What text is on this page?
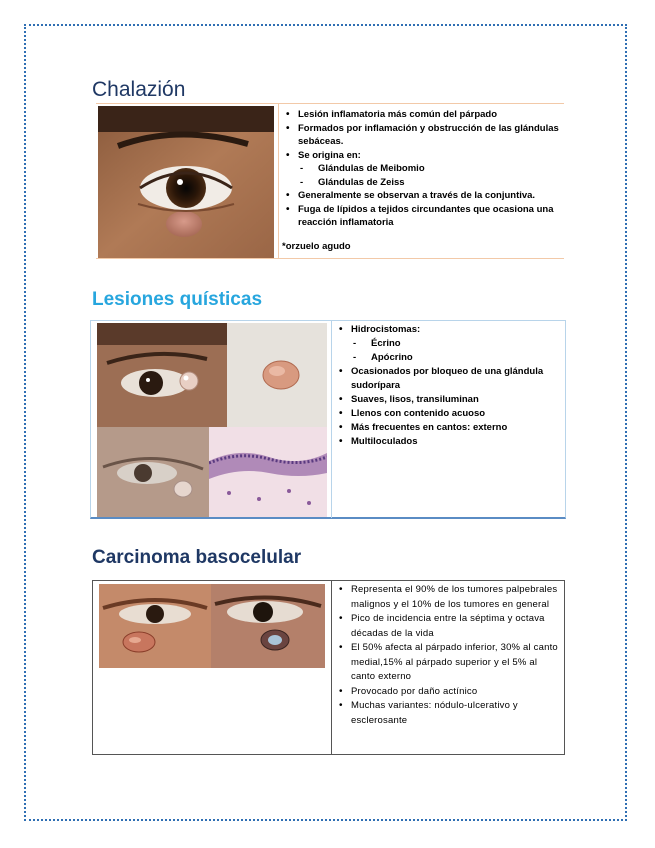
Chalazión
• Lesión inflamatoria más común del párpado
• Formados por inflamación y obstrucción de las glándulas sebáceas.
• Se origina en:
- Glándulas de Meibomio
- Glándulas de Zeiss
• Generalmente se observan a través de la conjuntiva.
• Fuga de lípidos a tejidos circundantes que ocasiona una reacción inflamatoria
*orzuelo agudo
Lesiones quísticas
• Hidrocistomas:
- Écrino
- Apócrino
• Ocasionados por bloqueo de una glándula sudorípara
• Suaves, lisos, transiluminan
• Llenos con contenido acuoso
• Más frecuentes en cantos: externo
• Multiloculados
Carcinoma basocelular
• Representa el 90% de los tumores palpebrales malignos y el 10% de los tumores en general
• Pico de incidencia entre la séptima y octava décadas de la vida
• El 50% afecta al párpado inferior, 30% al canto medial,15% al párpado superior y el 5% al canto externo
• Provocado por daño actínico
• Muchas variantes: nódulo-ulcerativo y esclerosante
